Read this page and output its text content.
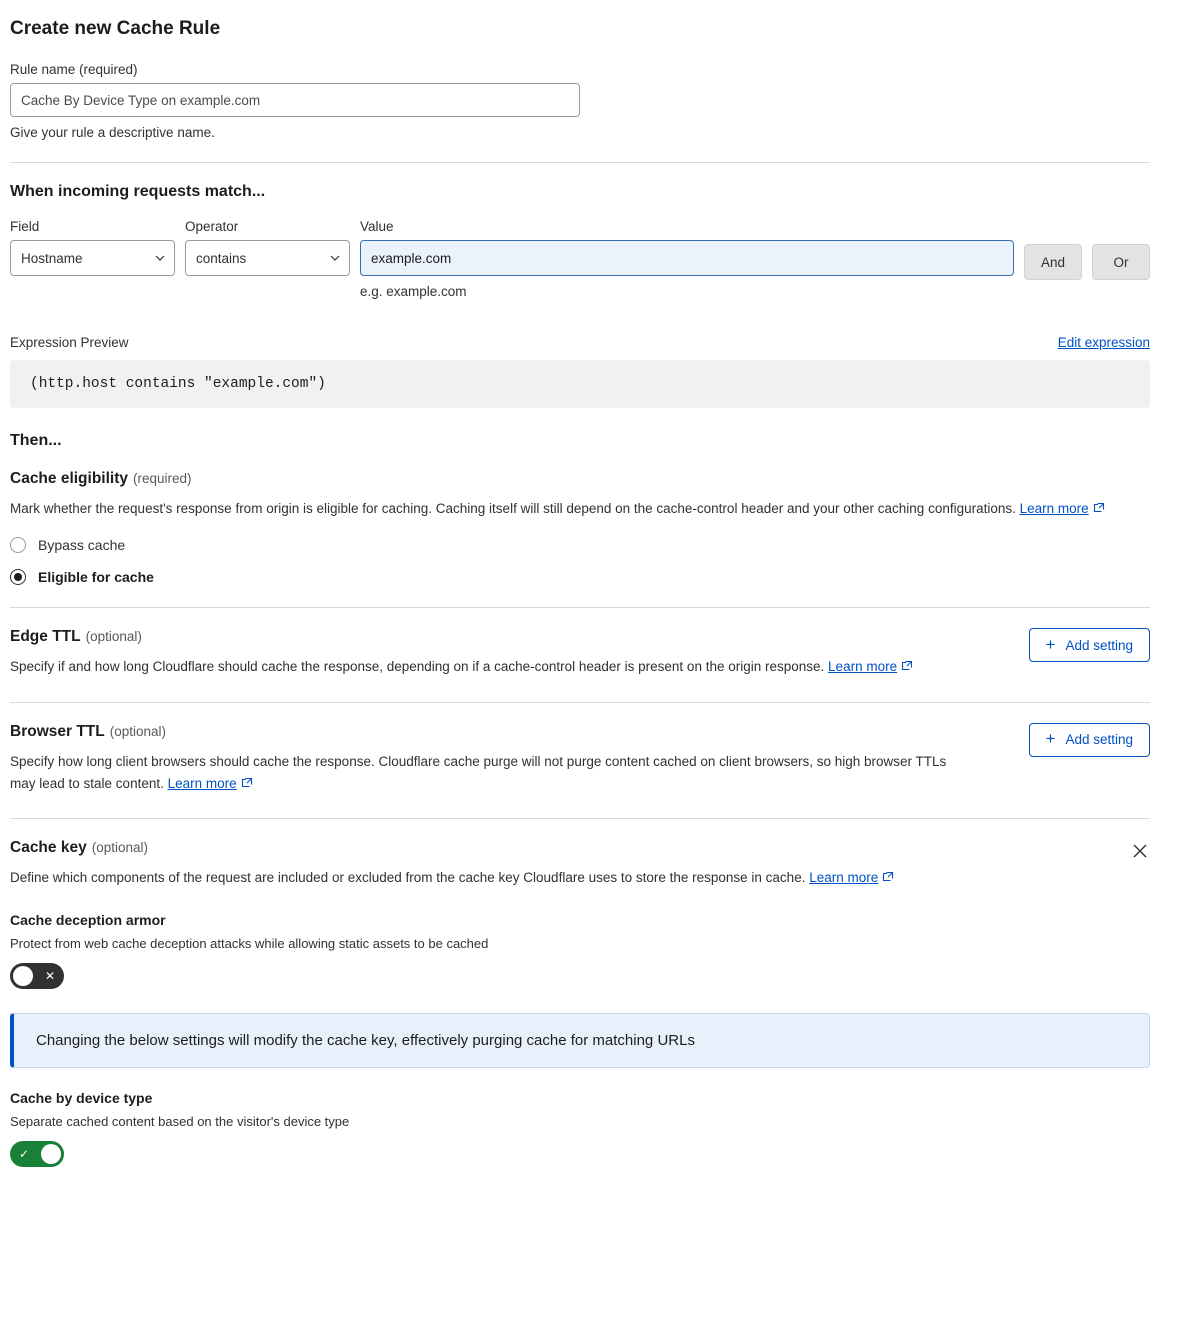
Create new Cache Rule
Rule name (required)
Cache By Device Type on example.com
Give your rule a descriptive name.
When incoming requests match...
Field
Hostname
Operator
contains
Value
example.com
e.g. example.com
And	Or
Expression Preview	Edit expression
(http.host contains "example.com")
Then...
Cache eligibility (required)
Mark whether the request's response from origin is eligible for caching. Caching itself will still depend on the cache-control header and your other caching configurations. Learn more
Bypass cache
Eligible for cache
Edge TTL (optional)
Specify if and how long Cloudflare should cache the response, depending on if a cache-control header is present on the origin response. Learn more
+ Add setting
Browser TTL (optional)
Specify how long client browsers should cache the response. Cloudflare cache purge will not purge content cached on client browsers, so high browser TTLs may lead to stale content. Learn more
+ Add setting
Cache key (optional)
Define which components of the request are included or excluded from the cache key Cloudflare uses to store the response in cache. Learn more
Cache deception armor
Protect from web cache deception attacks while allowing static assets to be cached
✕
Changing the below settings will modify the cache key, effectively purging cache for matching URLs
Cache by device type
Separate cached content based on the visitor's device type
✓
